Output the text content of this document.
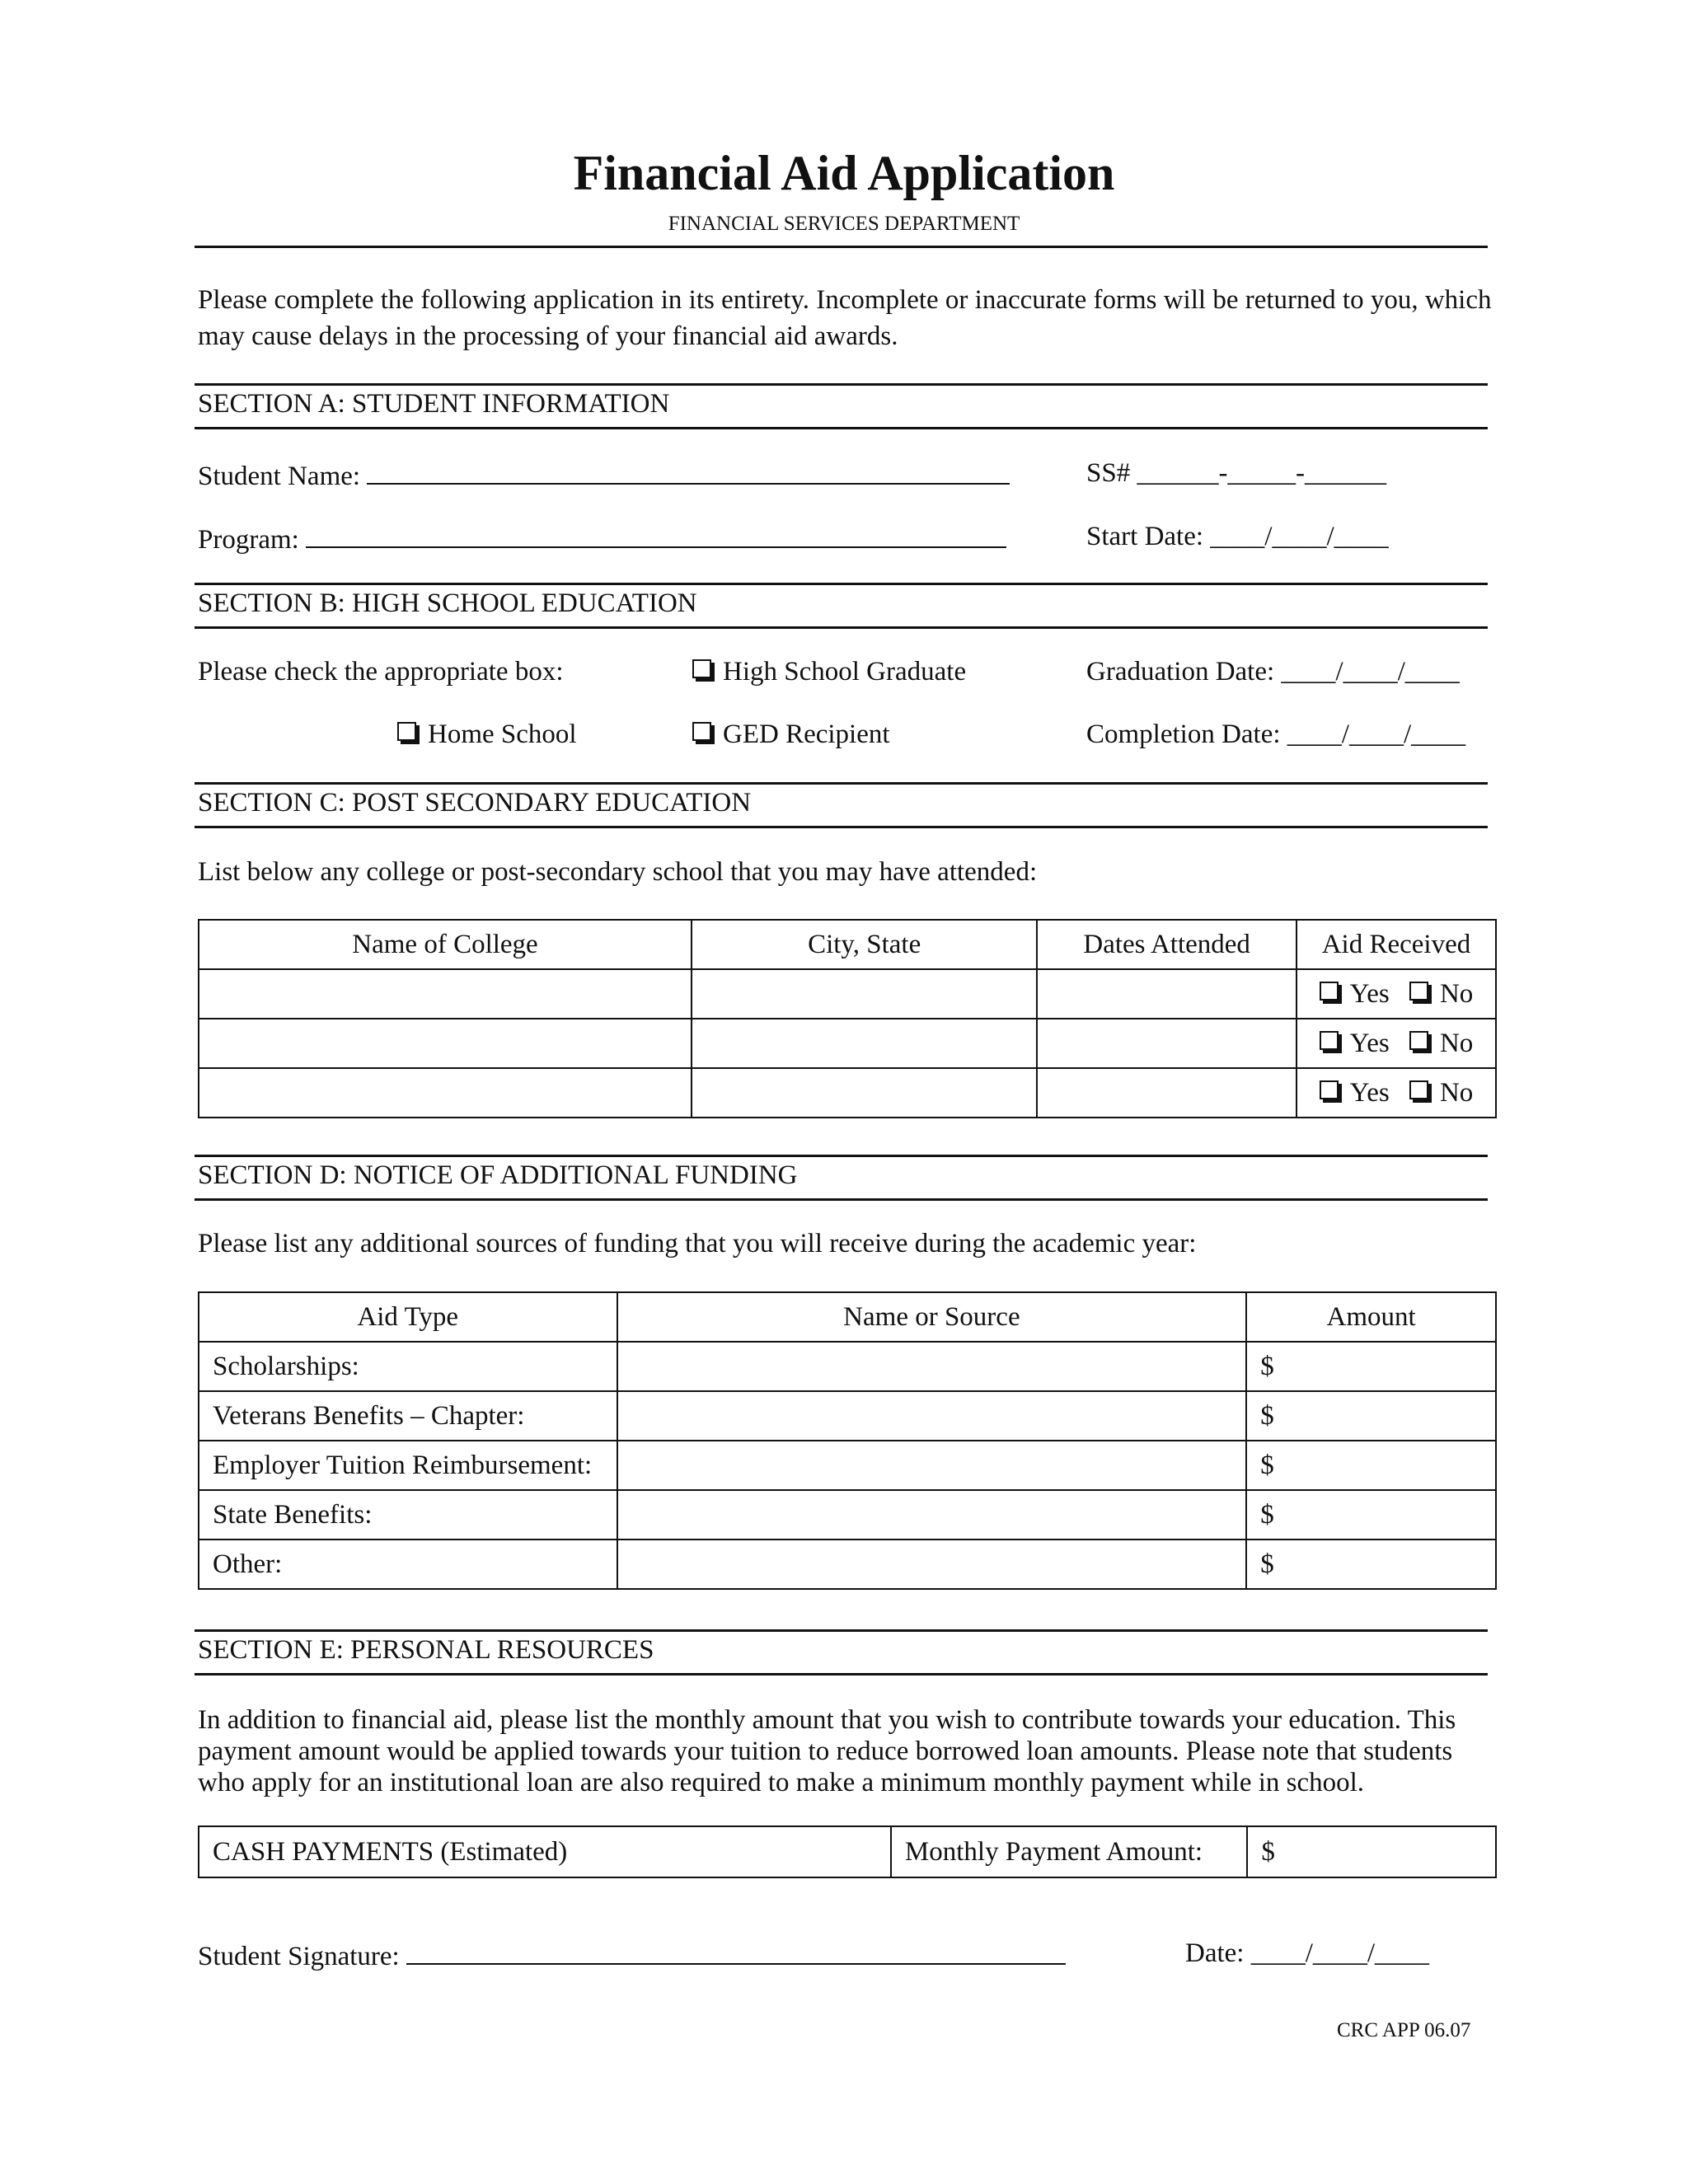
Financial Aid Application
FINANCIAL SERVICES DEPARTMENT
Please complete the following application in its entirety. Incomplete or inaccurate forms will be returned to you, which may cause delays in the processing of your financial aid awards.
SECTION A: STUDENT INFORMATION
Student Name:	SS# ______-_____-______
Program:	Start Date: ____/____/____
SECTION B: HIGH SCHOOL EDUCATION
Please check the appropriate box:	High School Graduate	Graduation Date: ____/____/____
Home School	GED Recipient	Completion Date: ____/____/____
SECTION C: POST SECONDARY EDUCATION
List below any college or post-secondary school that you may have attended:
Name of College	City, State	Dates Attended	Aid Received
			Yes No
			Yes No
			Yes No
SECTION D: NOTICE OF ADDITIONAL FUNDING
Please list any additional sources of funding that you will receive during the academic year:
Aid Type	Name or Source	Amount
Scholarships:		$
Veterans Benefits – Chapter:		$
Employer Tuition Reimbursement:		$
State Benefits:		$
Other:		$
SECTION E: PERSONAL RESOURCES
In addition to financial aid, please list the monthly amount that you wish to contribute towards your education. This payment amount would be applied towards your tuition to reduce borrowed loan amounts. Please note that students who apply for an institutional loan are also required to make a minimum monthly payment while in school.
CASH PAYMENTS (Estimated)	Monthly Payment Amount:	$
Student Signature:	Date: ____/____/____
CRC APP 06.07
